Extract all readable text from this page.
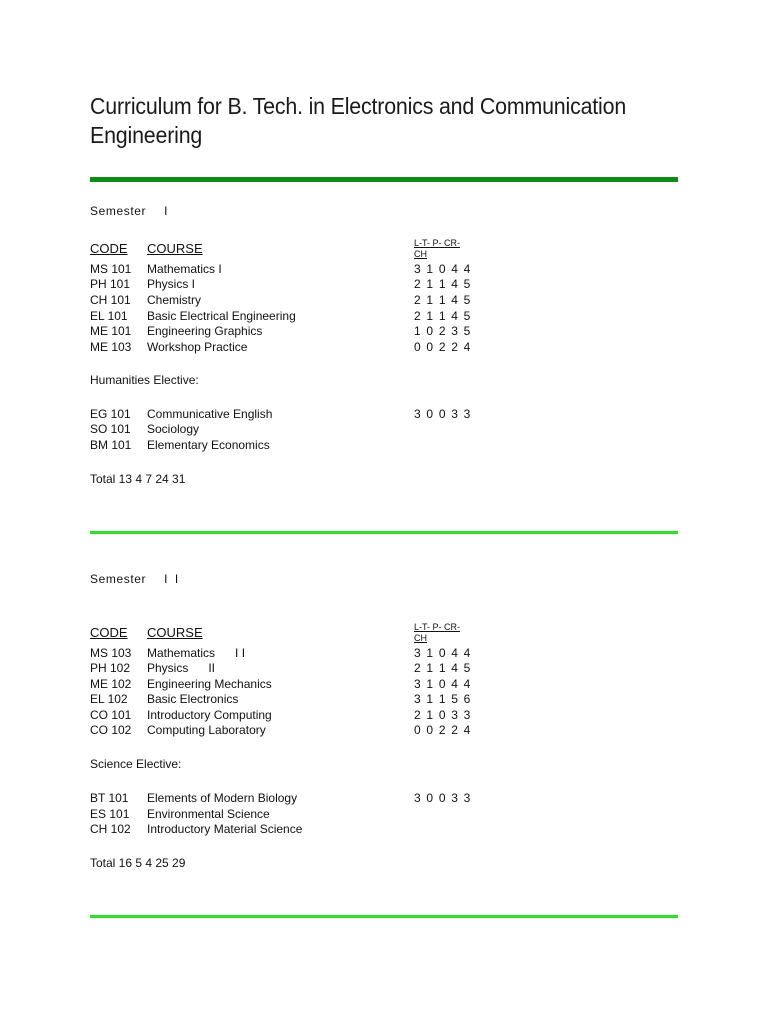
Curriculum for B. Tech. in Electronics and Communication Engineering
Semester I
CODE COURSE	L-T- P- CR- CH
MS 101 Mathematics I	3 1 0 4 4
PH 101 Physics I	2 1 1 4 5
CH 101 Chemistry	2 1 1 4 5
EL 101 Basic Electrical Engineering	2 1 1 4 5
ME 101 Engineering Graphics	1 0 2 3 5
ME 103 Workshop Practice	0 0 2 2 4
Humanities Elective:
EG 101 Communicative English	3 0 0 3 3
SO 101 Sociology
BM 101 Elementary Economics
Total 13 4 7 24 31
Semester I I
CODE COURSE	L-T- P- CR- CH
MS 103 Mathematics      I I	3 1 0 4 4
PH 102 Physics      II	2 1 1 4 5
ME 102 Engineering Mechanics	3 1 0 4 4
EL 102 Basic Electronics	3 1 1 5 6
CO 101 Introductory Computing	2 1 0 3 3
CO 102 Computing Laboratory	0 0 2 2 4
Science Elective:
BT 101 Elements of Modern Biology	3 0 0 3 3
ES 101 Environmental Science
CH 102 Introductory Material Science
Total 16 5 4 25 29
